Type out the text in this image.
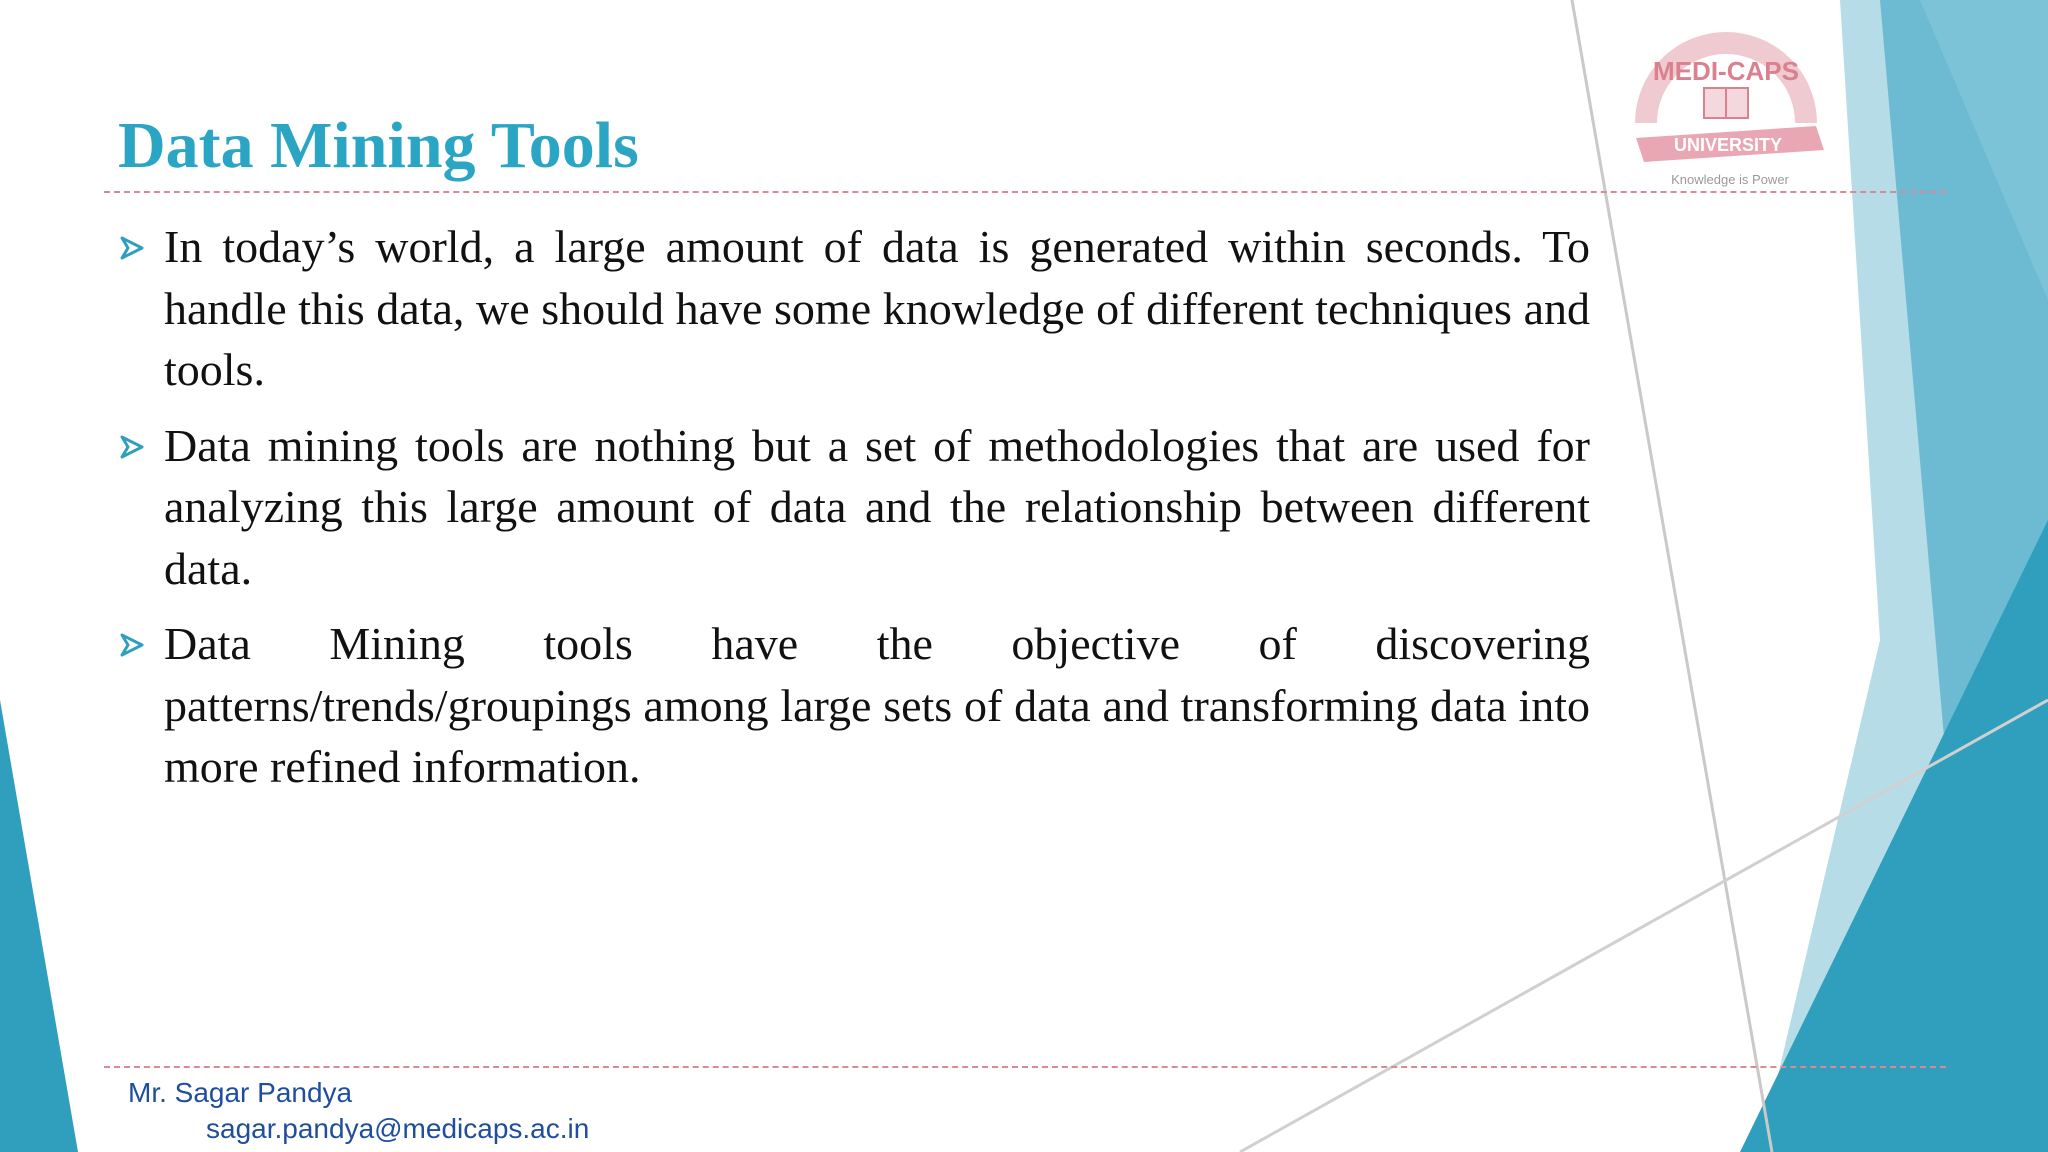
MEDI-CAPS
UNIVERSITY
Knowledge is Power
Data Mining Tools

In today’s world, a large amount of data is generated within seconds. To handle this data, we should have some knowledge of different techniques and tools.

Data mining tools are nothing but a set of methodologies that are used for analyzing this large amount of data and the relationship between different data.

Data Mining tools have the objective of discovering patterns/trends/groupings among large sets of data and transforming data into more refined information.

Mr. Sagar Pandya
sagar.pandya@medicaps.ac.in
